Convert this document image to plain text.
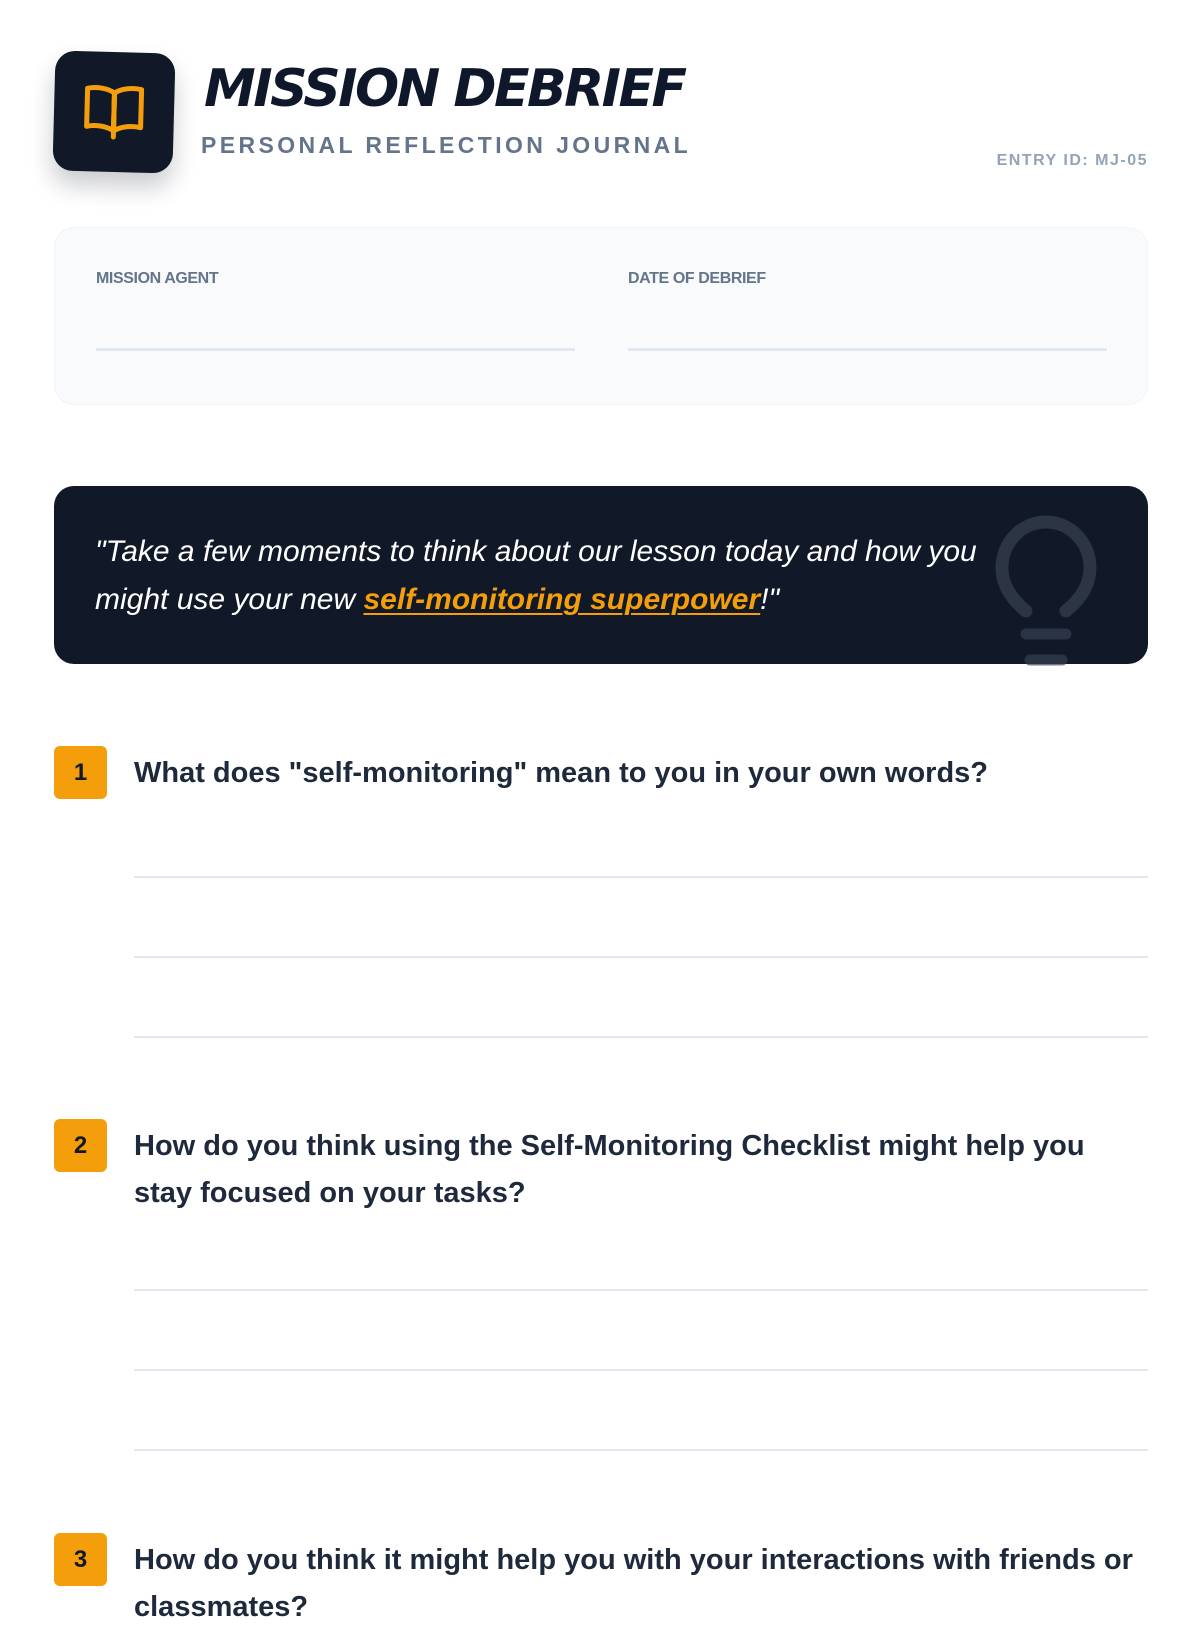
MISSION DEBRIEF
PERSONAL REFLECTION JOURNAL
ENTRY ID: MJ-05
MISSION AGENT	DATE OF DEBRIEF
"Take a few moments to think about our lesson today and how you might use your new self-monitoring superpower!"
1	What does "self-monitoring" mean to you in your own words?
2	How do you think using the Self-Monitoring Checklist might help you stay focused on your tasks?
3	How do you think it might help you with your interactions with friends or classmates?
